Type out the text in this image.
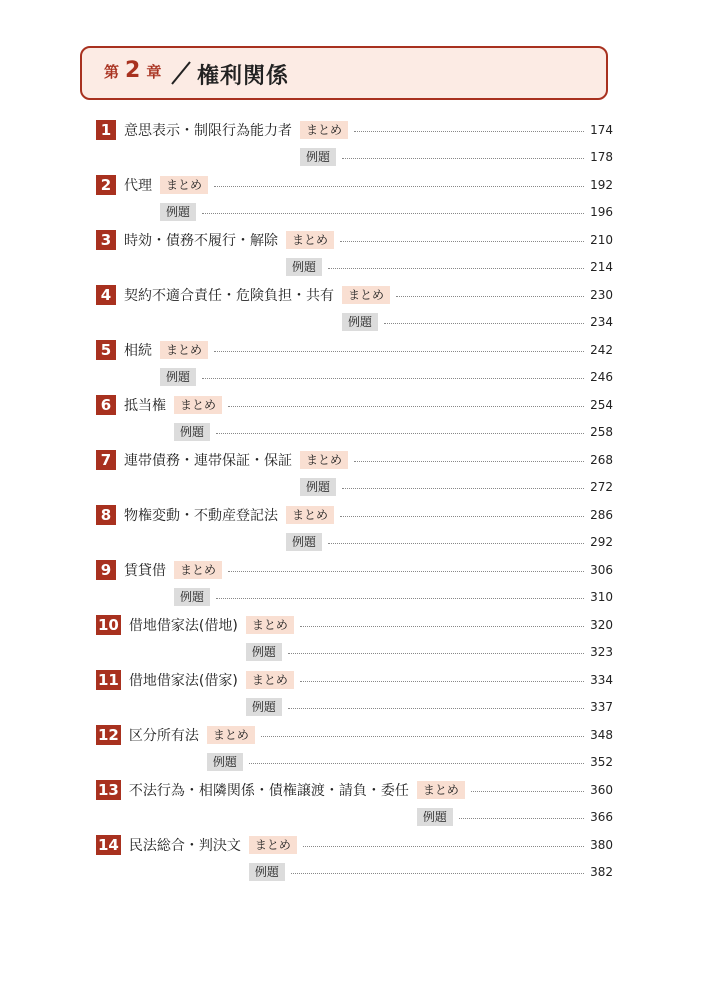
第 2 章 権利関係
1 意思表示・制限行為能力者	まとめ	174
例題	178
2 代理	まとめ	192
例題	196
3 時効・債務不履行・解除	まとめ	210
例題	214
4 契約不適合責任・危険負担・共有	まとめ	230
例題	234
5 相続	まとめ	242
例題	246
6 抵当権	まとめ	254
例題	258
7 連帯債務・連帯保証・保証	まとめ	268
例題	272
8 物権変動・不動産登記法	まとめ	286
例題	292
9 賃貸借	まとめ	306
例題	310
10 借地借家法(借地)	まとめ	320
例題	323
11 借地借家法(借家)	まとめ	334
例題	337
12 区分所有法	まとめ	348
例題	352
13 不法行為・相隣関係・債権譲渡・請負・委任	まとめ	360
例題	366
14 民法総合・判決文	まとめ	380
例題	382
